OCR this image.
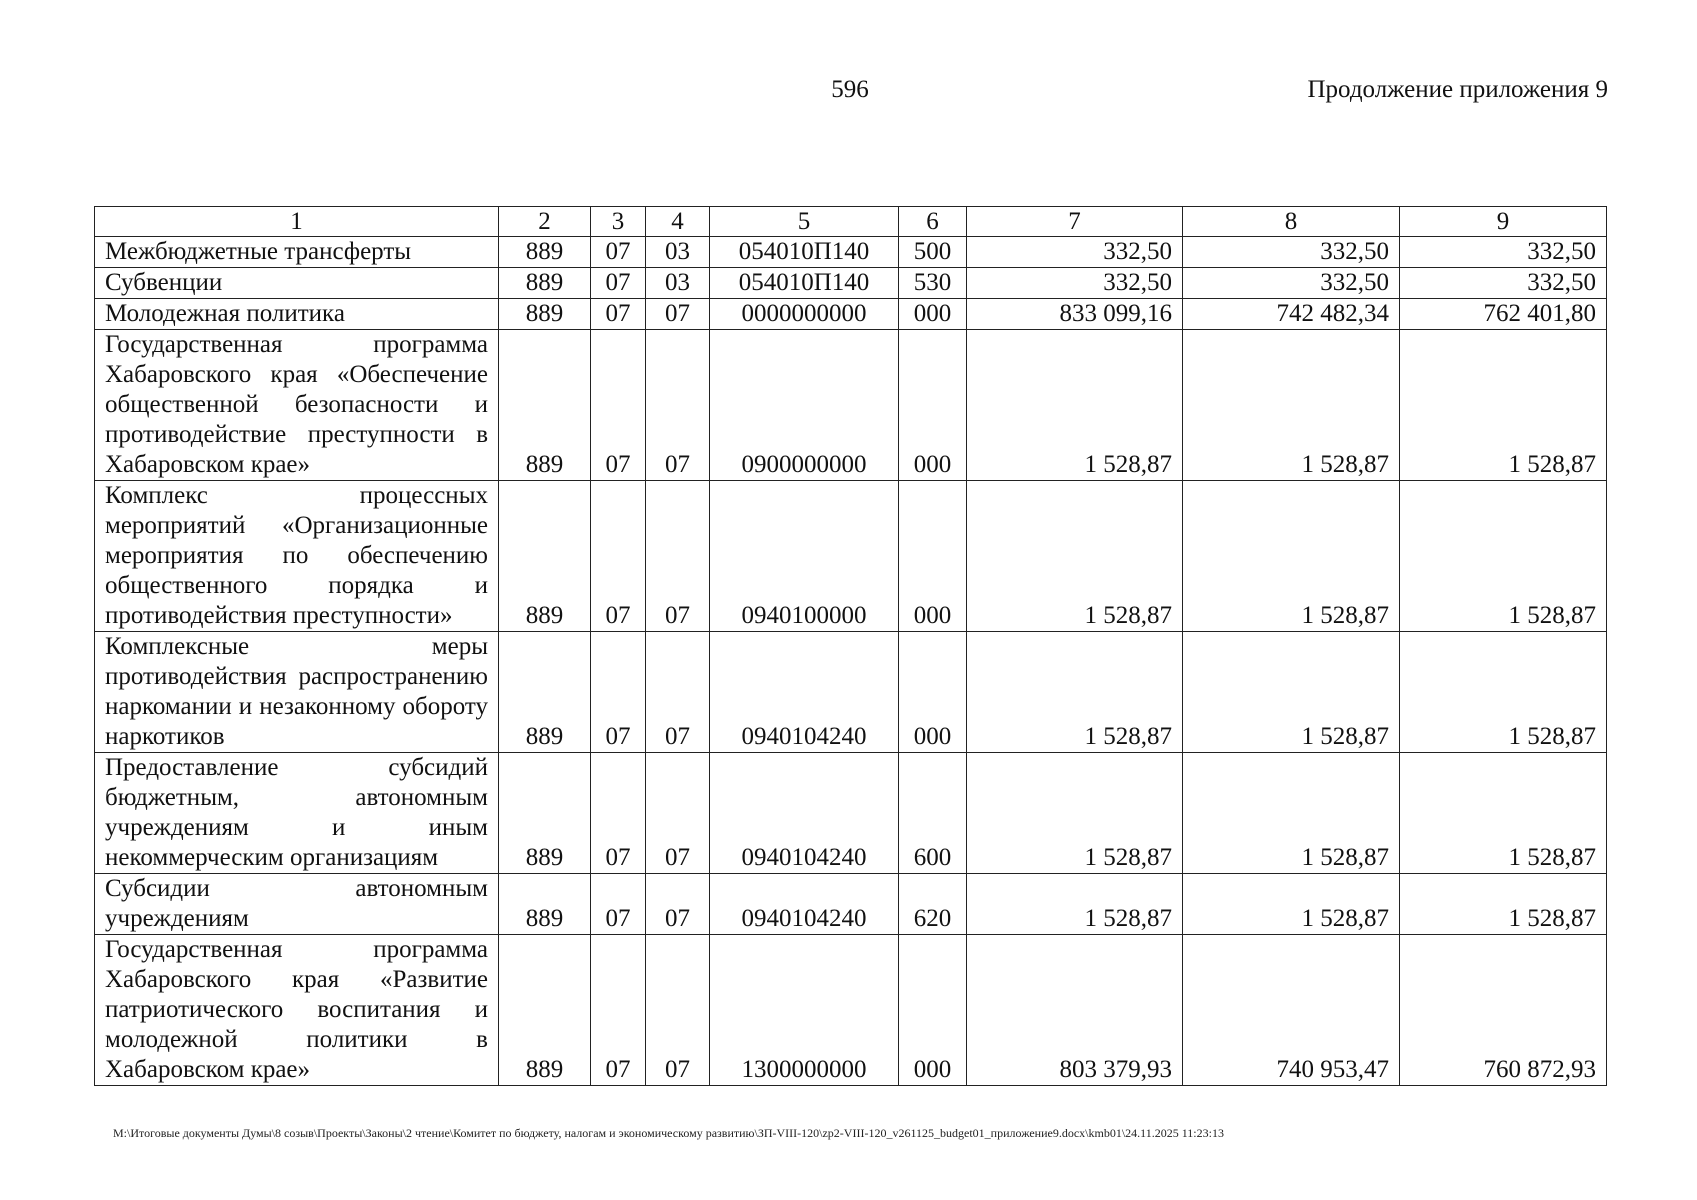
596	Продолжение приложения 9
1	2	3	4	5	6	7	8	9
Межбюджетные трансферты	889	07	03	054010П140	500	332,50	332,50	332,50
Субвенции	889	07	03	054010П140	530	332,50	332,50	332,50
Молодежная политика	889	07	07	0000000000	000	833 099,16	742 482,34	762 401,80
Государственная программа Хабаровского края «Обеспечение общественной безопасности и противодействие преступности в Хабаровском крае»	889	07	07	0900000000	000	1 528,87	1 528,87	1 528,87
Комплекс процессных мероприятий «Организационные мероприятия по обеспечению общественного порядка и противодействия преступности»	889	07	07	0940100000	000	1 528,87	1 528,87	1 528,87
Комплексные меры противодействия распространению наркомании и незаконному обороту наркотиков	889	07	07	0940104240	000	1 528,87	1 528,87	1 528,87
Предоставление субсидий бюджетным, автономным учреждениям и иным некоммерческим организациям	889	07	07	0940104240	600	1 528,87	1 528,87	1 528,87
Субсидии автономным учреждениям	889	07	07	0940104240	620	1 528,87	1 528,87	1 528,87
Государственная программа Хабаровского края «Развитие патриотического воспитания и молодежной политики в Хабаровском крае»	889	07	07	1300000000	000	803 379,93	740 953,47	760 872,93
M:\Итоговые документы Думы\8 созыв\Проекты\Законы\2 чтение\Комитет по бюджету, налогам и экономическому развитию\ЗП-VIII-120\zp2-VIII-120_v261125_budget01_приложение9.docx\kmb01\24.11.2025 11:23:13
